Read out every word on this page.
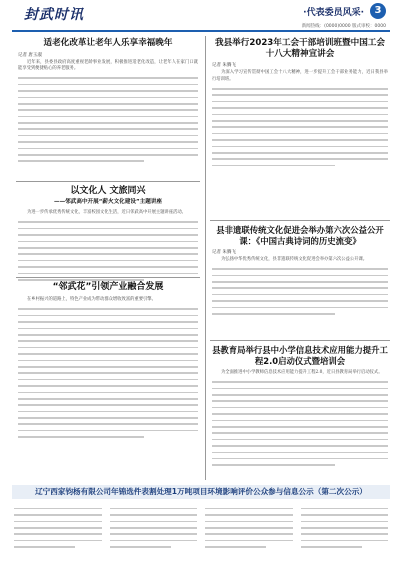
封武时讯	·代表委员风采·	3
新闻热线：(0000)0000 版式审校：0000
适老化改革让老年人乐享幸福晚年
记者 唐玉淑
近年来，县委县政府高度重视老龄事业发展，积极推进适老化改造，让老年人在家门口就能享受到便捷贴心的养老服务。
以文化人 文旅同兴
——邻武高中开展“薪火文化建设”主题讲座
为进一步传承优秀传统文化，丰富校园文化生活，近日邻武高中开展主题讲座活动。
“邻武花”引领产业融合发展
在乡村振兴的道路上，特色产业成为带动群众增收致富的重要引擎。
我县举行2023年工会干部培训班暨中国工会十八大精神宣讲会
记者 朱腾飞
为深入学习宣传贯彻中国工会十八大精神，进一步提升工会干部业务能力，近日我县举行培训班。
县非遗联传统文化促进会举办第六次公益公开课：《中国古典诗词的历史流变》
记者 朱腾飞
为弘扬中华优秀传统文化，县非遗联传统文化促进会举办第六次公益公开课。
县教育局举行县中小学信息技术应用能力提升工程2.0启动仪式暨培训会
为全面推进中小学教师信息技术应用能力提升工程2.0，近日县教育局举行启动仪式。
辽宁西家钧杨有限公司年锦选件表割处理1万吨项目环境影响评价公众参与信息公示（第二次公示）
